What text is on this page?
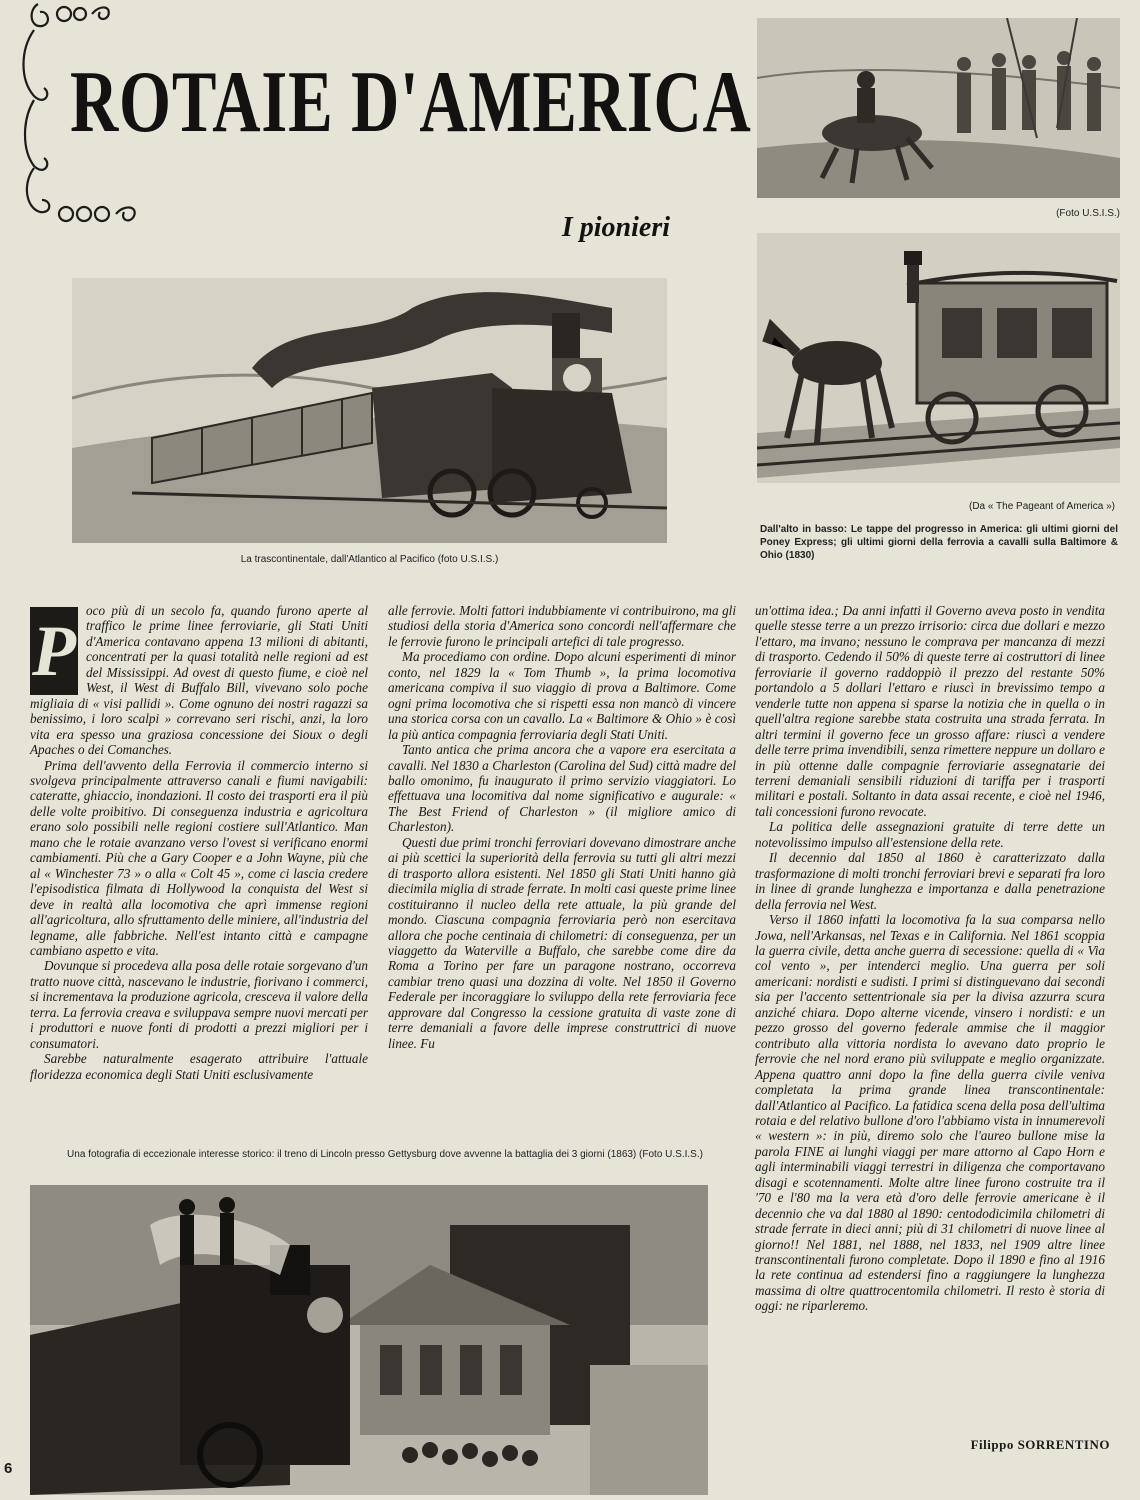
ROTAIE D'AMERICA
I pionieri	(Foto U.S.I.S.)
(Da « The Pageant of America »)
Dall'alto in basso: Le tappe del progresso in America: gli ultimi giorni del Poney Express; gli ultimi giorni della ferrovia a cavalli sulla Baltimore & Ohio (1830)
La trascontinentale, dall'Atlantico al Pacifico (foto U.S.I.S.)
P

oco più di un secolo fa, quando furono aperte al traffico le prime linee ferroviarie, gli Stati Uniti d'America contavano appena 13 milioni di abitanti, concentrati per la quasi totalità nelle regioni ad est del Mississippi. Ad ovest di questo fiume, e cioè nel West, il West di Buffalo Bill, vivevano solo poche migliaia di « visi pallidi ». Come ognuno dei nostri ragazzi sa benissimo, i loro scalpi » correvano seri rischi, anzi, la loro vita era spesso una graziosa concessione dei Sioux o degli Apaches o dei Comanches.

Prima dell'avvento della Ferrovia il commercio interno si svolgeva principalmente attraverso canali e fiumi navigabili: cateratte, ghiaccio, inondazioni. Il costo dei trasporti era il più delle volte proibitivo. Di conseguenza industria e agricoltura erano solo possibili nelle regioni costiere sull'Atlantico. Man mano che le rotaie avanzano verso l'ovest si verificano enormi cambiamenti. Più che a Gary Cooper e a John Wayne, più che al « Winchester 73 » o alla « Colt 45 », come ci lascia credere l'episodistica filmata di Hollywood la conquista del West si deve in realtà alla locomotiva che aprì immense regioni all'agricoltura, allo sfruttamento delle miniere, all'industria del legname, alle fabbriche. Nell'est intanto città e campagne cambiano aspetto e vita.

Dovunque si procedeva alla posa delle rotaie sorgevano d'un tratto nuove città, nascevano le industrie, fiorivano i commerci, si incrementava la produzione agricola, cresceva il valore della terra. La ferrovia creava e sviluppava sempre nuovi mercati per i produttori e nuove fonti di prodotti a prezzi migliori per i consumatori.

Sarebbe naturalmente esagerato attribuire l'attuale floridezza economica degli Stati Uniti esclusivamente

alle ferrovie. Molti fattori indubbiamente vi contribuirono, ma gli studiosi della storia d'America sono concordi nell'affermare che le ferrovie furono le principali artefici di tale progresso.

Ma procediamo con ordine. Dopo alcuni esperimenti di minor conto, nel 1829 la « Tom Thumb », la prima locomotiva americana compiva il suo viaggio di prova a Baltimore. Come ogni prima locomotiva che si rispetti essa non mancò di vincere una storica corsa con un cavallo. La « Baltimore & Ohio » è così la più antica compagnia ferroviaria degli Stati Uniti.

Tanto antica che prima ancora che a vapore era esercitata a cavalli. Nel 1830 a Charleston (Carolina del Sud) città madre del ballo omonimo, fu inaugurato il primo servizio viaggiatori. Lo effettuava una locomitiva dal nome significativo e augurale: « The Best Friend of Charleston » (il migliore amico di Charleston).

Questi due primi tronchi ferroviari dovevano dimostrare anche ai più scettici la superiorità della ferrovia su tutti gli altri mezzi di trasporto allora esistenti. Nel 1850 gli Stati Uniti hanno già diecimila miglia di strade ferrate. In molti casi queste prime linee costituiranno il nucleo della rete attuale, la più grande del mondo. Ciascuna compagnia ferroviaria però non esercitava allora che poche centinaia di chilometri: di conseguenza, per un viaggetto da Waterville a Buffalo, che sarebbe come dire da Roma a Torino per fare un paragone nostrano, occorreva cambiar treno quasi una dozzina di volte. Nel 1850 il Governo Federale per incoraggiare lo sviluppo della rete ferroviaria fece approvare dal Congresso la cessione gratuita di vaste zone di terre demaniali a favore delle imprese construttrici di nuove linee. Fu

un'ottima idea.; Da anni infatti il Governo aveva posto in vendita quelle stesse terre a un prezzo irrisorio: circa due dollari e mezzo l'ettaro, ma invano; nessuno le comprava per mancanza di mezzi di trasporto. Cedendo il 50% di queste terre ai costruttori di linee ferroviarie il governo raddoppiò il prezzo del restante 50% portandolo a 5 dollari l'ettaro e riuscì in brevissimo tempo a venderle tutte non appena si sparse la notizia che in quella o in quell'altra regione sarebbe stata costruita una strada ferrata. In altri termini il governo fece un grosso affare: riuscì a vendere delle terre prima invendibili, senza rimettere neppure un dollaro e in più ottenne dalle compagnie ferroviarie assegnatarie dei terreni demaniali sensibili riduzioni di tariffa per i trasporti militari e postali. Soltanto in data assai recente, e cioè nel 1946, tali concessioni furono revocate.

La politica delle assegnazioni gratuite di terre dette un notevolissimo impulso all'estensione della rete.

Il decennio dal 1850 al 1860 è caratterizzato dalla trasformazione di molti tronchi ferroviari brevi e separati fra loro in linee di grande lunghezza e importanza e dalla penetrazione della ferrovia nel West.

Verso il 1860 infatti la locomotiva fa la sua comparsa nello Jowa, nell'Arkansas, nel Texas e in California. Nel 1861 scoppia la guerra civile, detta anche guerra di secessione: quella di « Via col vento », per intenderci meglio. Una guerra per soli americani: nordisti e sudisti. I primi si distinguevano dai secondi sia per l'accento settentrionale sia per la divisa azzurra scura anziché chiara. Dopo alterne vicende, vinsero i nordisti: e un pezzo grosso del governo federale ammise che il maggior contributo alla vittoria nordista lo avevano dato proprio le ferrovie che nel nord erano più sviluppate e meglio organizzate. Appena quattro anni dopo la fine della guerra civile veniva completata la prima grande linea transcontinentale: dall'Atlantico al Pacifico. La fatidica scena della posa dell'ultima rotaia e del relativo bullone d'oro l'abbiamo vista in innumerevoli « western »: in più, diremo solo che l'aureo bullone mise la parola FINE ai lunghi viaggi per mare attorno al Capo Horn e agli interminabili viaggi terrestri in diligenza che comportavano disagi e scotennamenti. Molte altre linee furono costruite tra il '70 e l'80 ma la vera età d'oro delle ferrovie americane è il decennio che va dal 1880 al 1890: centododicimila chilometri di strade ferrate in dieci anni; più di 31 chilometri di nuove linee al giorno!! Nel 1881, nel 1888, nel 1833, nel 1909 altre linee transcontinentali furono completate. Dopo il 1890 e fino al 1916 la rete continua ad estendersi fino a raggiungere la lunghezza massima di oltre quattrocentomila chilometri. Il resto è storia di oggi: ne riparleremo.

Una fotografia di eccezionale interesse storico: il treno di Lincoln presso Gettysburg dove avvenne la battaglia dei 3 giorni (1863) (Foto U.S.I.S.)
Filippo SORRENTINO
6
